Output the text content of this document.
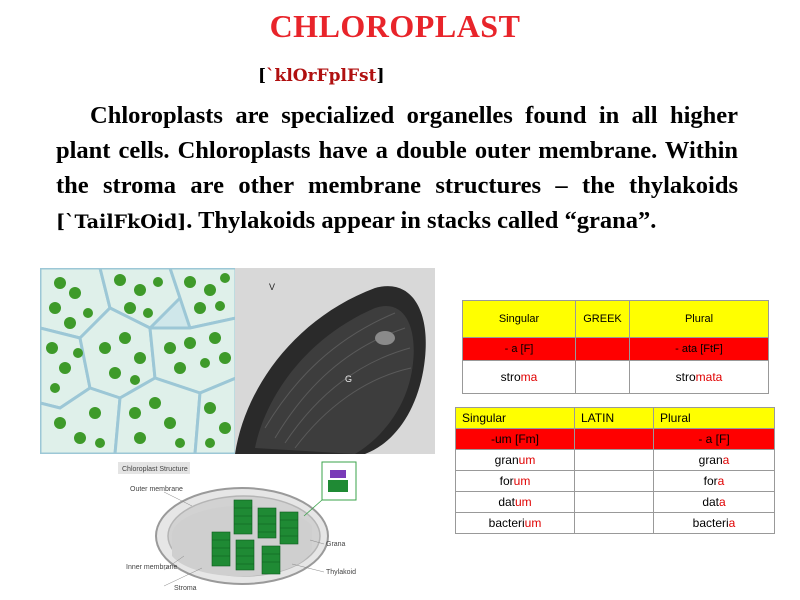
CHLOROPLAST
[ˋklOrFplFst]
Chloroplasts are specialized organelles found in all higher plant cells. Chloroplasts have a double outer membrane. Within the stroma are other membrane structures – the thylakoids [ˋTailFkOid]. Thylakoids appear in stacks called “grana”.
V
G
Chloroplast Structure
Outer membrane
Inner membrane
Stroma
Grana
Thylakoid
Singular	GREEK	Plural
- a [F]		- ata [FtF]
stroma		stromata
Singular	LATIN	Plural
-um [Fm]		- a [F]
granum		grana
forum		fora
datum		data
bacterium		bacteria
